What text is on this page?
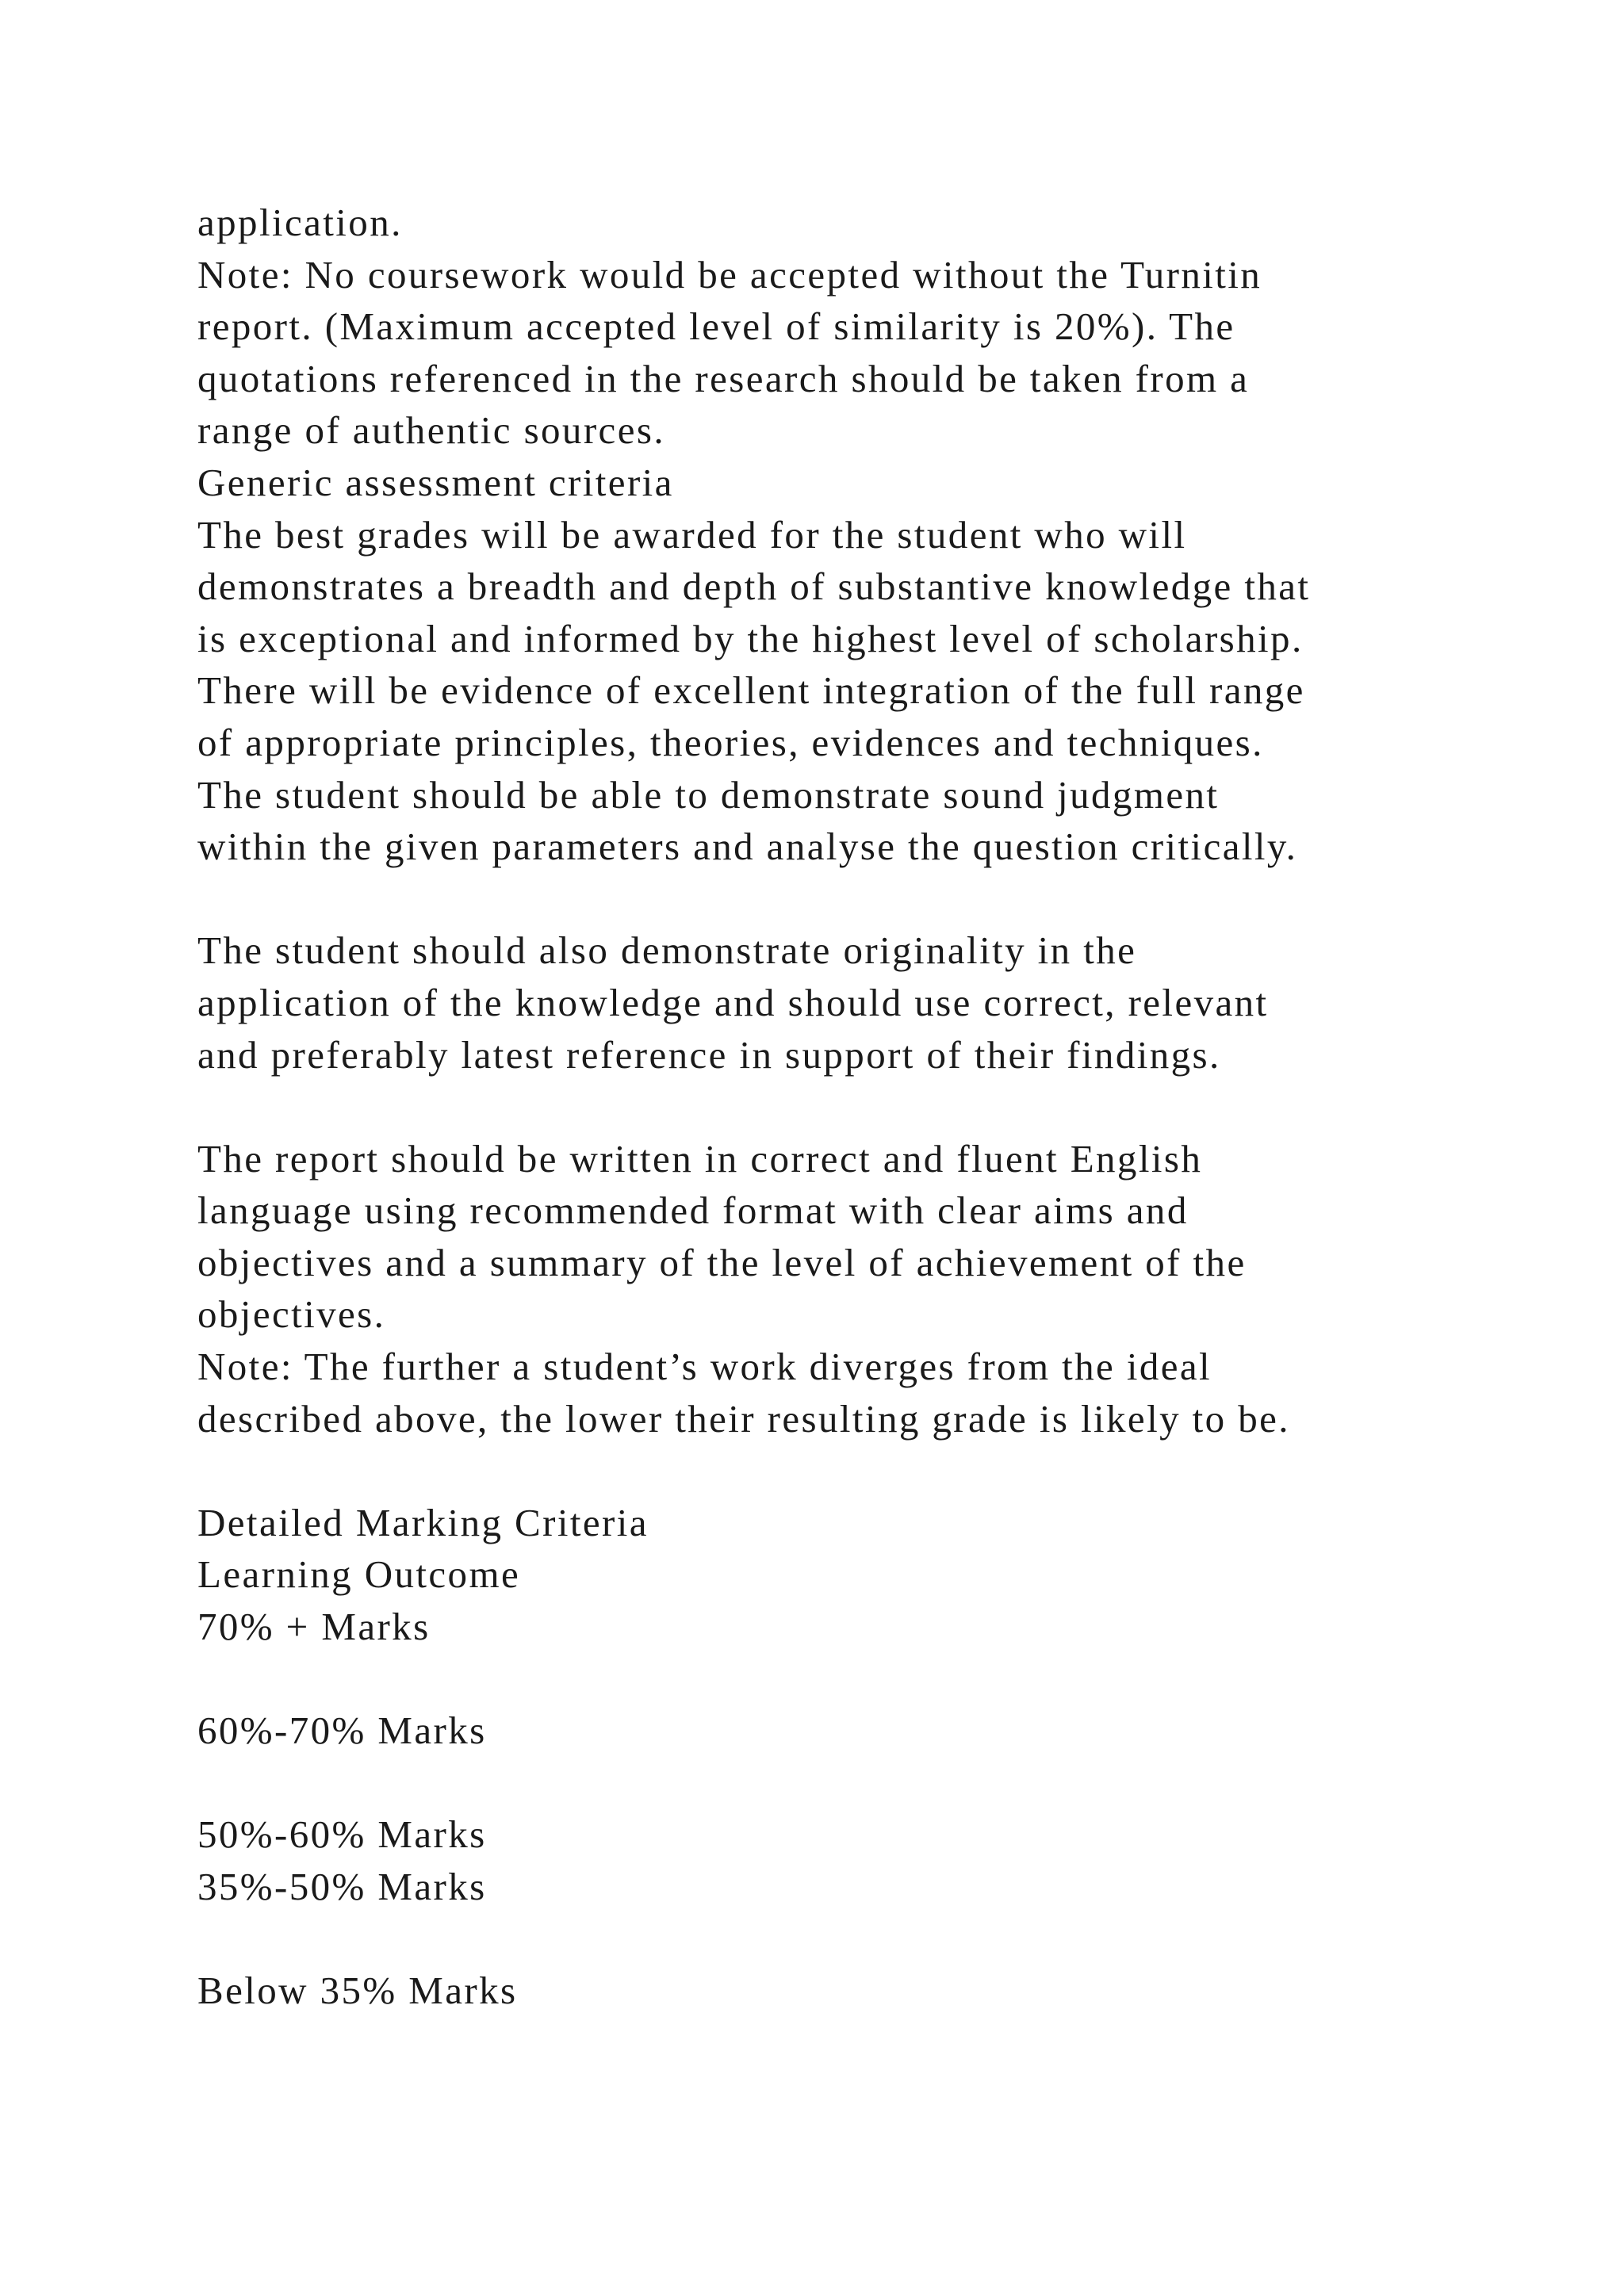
application.
Note: No coursework would be accepted without the Turnitin
report. (Maximum accepted level of similarity is 20%). The
quotations referenced in the research should be taken from a
range of authentic sources.
Generic assessment criteria
The best grades will be awarded for the student who will
demonstrates a breadth and depth of substantive knowledge that
is exceptional and informed by the highest level of scholarship.
There will be evidence of excellent integration of the full range
of appropriate principles, theories, evidences and techniques.
The student should be able to demonstrate sound judgment
within the given parameters and analyse the question critically.
The student should also demonstrate originality in the
application of the knowledge and should use correct, relevant
and preferably latest reference in support of their findings.
The report should be written in correct and fluent English
language using recommended format with clear aims and
objectives and a summary of the level of achievement of the
objectives.
Note: The further a student’s work diverges from the ideal
described above, the lower their resulting grade is likely to be.
Detailed Marking Criteria
Learning Outcome
70% + Marks
60%-70% Marks
50%-60% Marks
35%-50% Marks
Below 35% Marks
